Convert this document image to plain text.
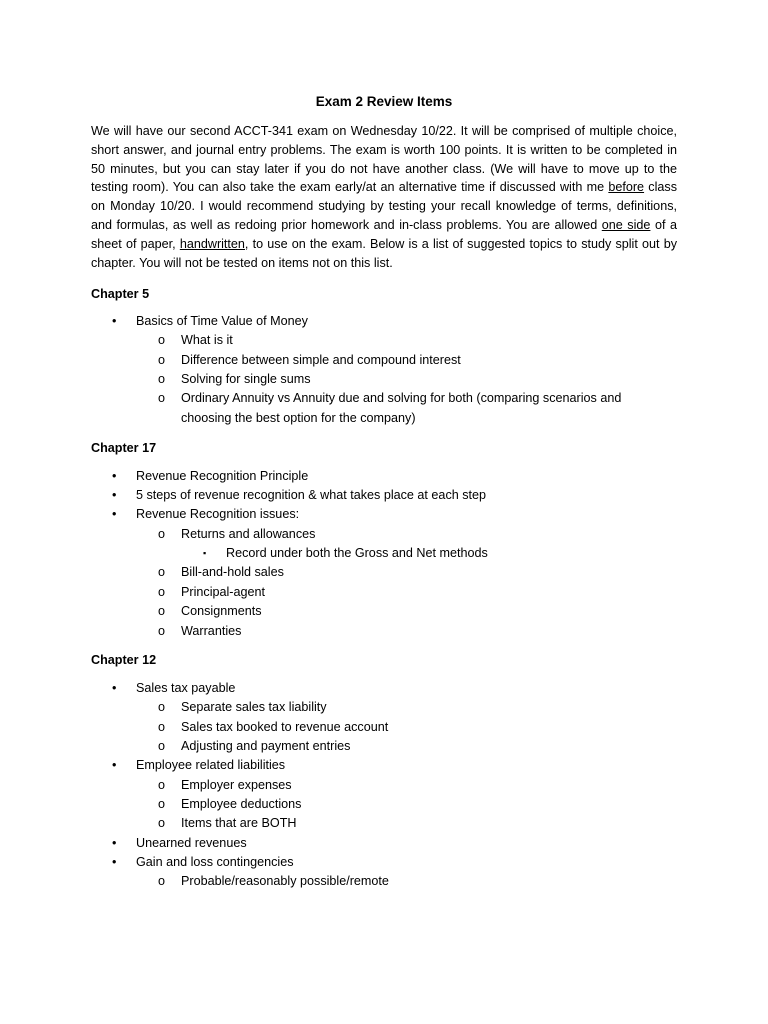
Exam 2 Review Items

We will have our second ACCT-341 exam on Wednesday 10/22. It will be comprised of multiple choice, short answer, and journal entry problems. The exam is worth 100 points. It is written to be completed in 50 minutes, but you can stay later if you do not have another class. (We will have to move up to the testing room). You can also take the exam early/at an alternative time if discussed with me before class on Monday 10/20. I would recommend studying by testing your recall knowledge of terms, definitions, and formulas, as well as redoing prior homework and in-class problems. You are allowed one side of a sheet of paper, handwritten, to use on the exam. Below is a list of suggested topics to study split out by chapter. You will not be tested on items not on this list.

Chapter 5
• Basics of Time Value of Money
o What is it
o Difference between simple and compound interest
o Solving for single sums
o Ordinary Annuity vs Annuity due and solving for both (comparing scenarios and choosing the best option for the company)
Chapter 17
• Revenue Recognition Principle
• 5 steps of revenue recognition & what takes place at each step
• Revenue Recognition issues:
o Returns and allowances
▪ Record under both the Gross and Net methods
o Bill-and-hold sales
o Principal-agent
o Consignments
o Warranties
Chapter 12
• Sales tax payable
o Separate sales tax liability
o Sales tax booked to revenue account
o Adjusting and payment entries
• Employee related liabilities
o Employer expenses
o Employee deductions
o Items that are BOTH
• Unearned revenues
• Gain and loss contingencies
o Probable/reasonably possible/remote
